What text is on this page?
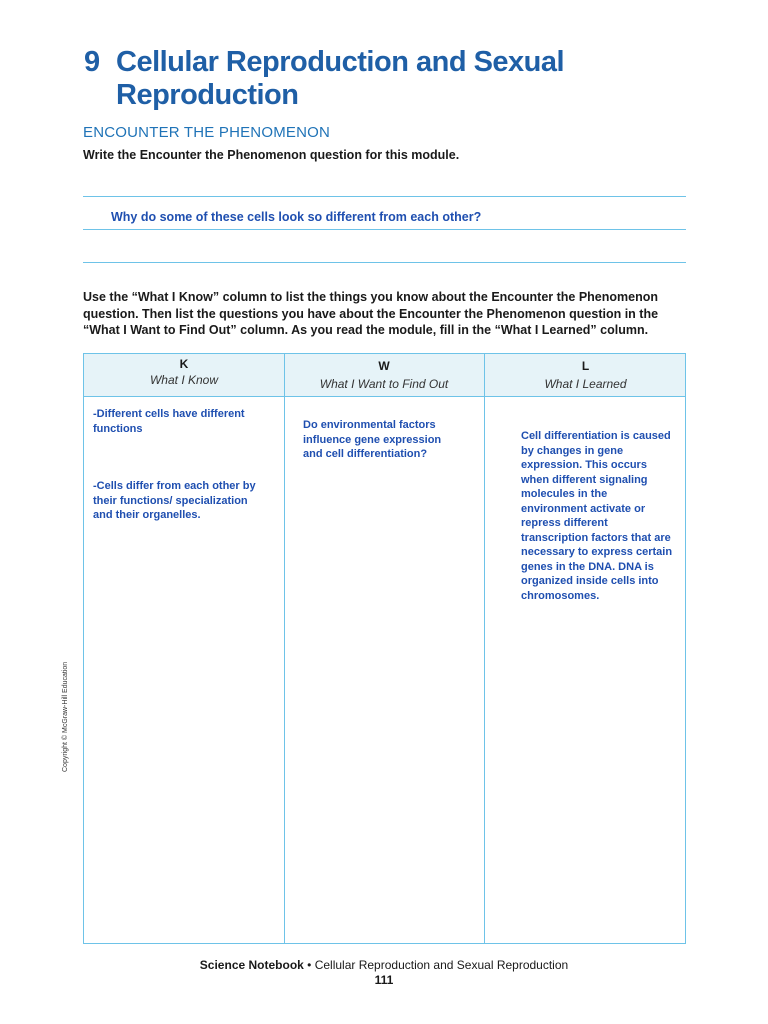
9 Cellular Reproduction and Sexual Reproduction
ENCOUNTER THE PHENOMENON
Write the Encounter the Phenomenon question for this module.
Why do some of these cells look so different from each other?
Use the “What I Know” column to list the things you know about the Encounter the Phenomenon question. Then list the questions you have about the Encounter the Phenomenon question in the “What I Want to Find Out” column. As you read the module, fill in the “What I Learned” column.
K
What I Know
W
What I Want to Find Out
L
What I Learned
-Different cells have different functions
-Cells differ from each other by their functions/ specialization and their organelles.
Do environmental factors influence gene expression and cell differentiation?
Cell differentiation is caused by changes in gene expression. This occurs when different signaling molecules in the environment activate or repress different transcription factors that are necessary to express certain genes in the DNA. DNA is organized inside cells into chromosomes.
Copyright © McGraw-Hill Education
Science Notebook • Cellular Reproduction and Sexual Reproduction
111
